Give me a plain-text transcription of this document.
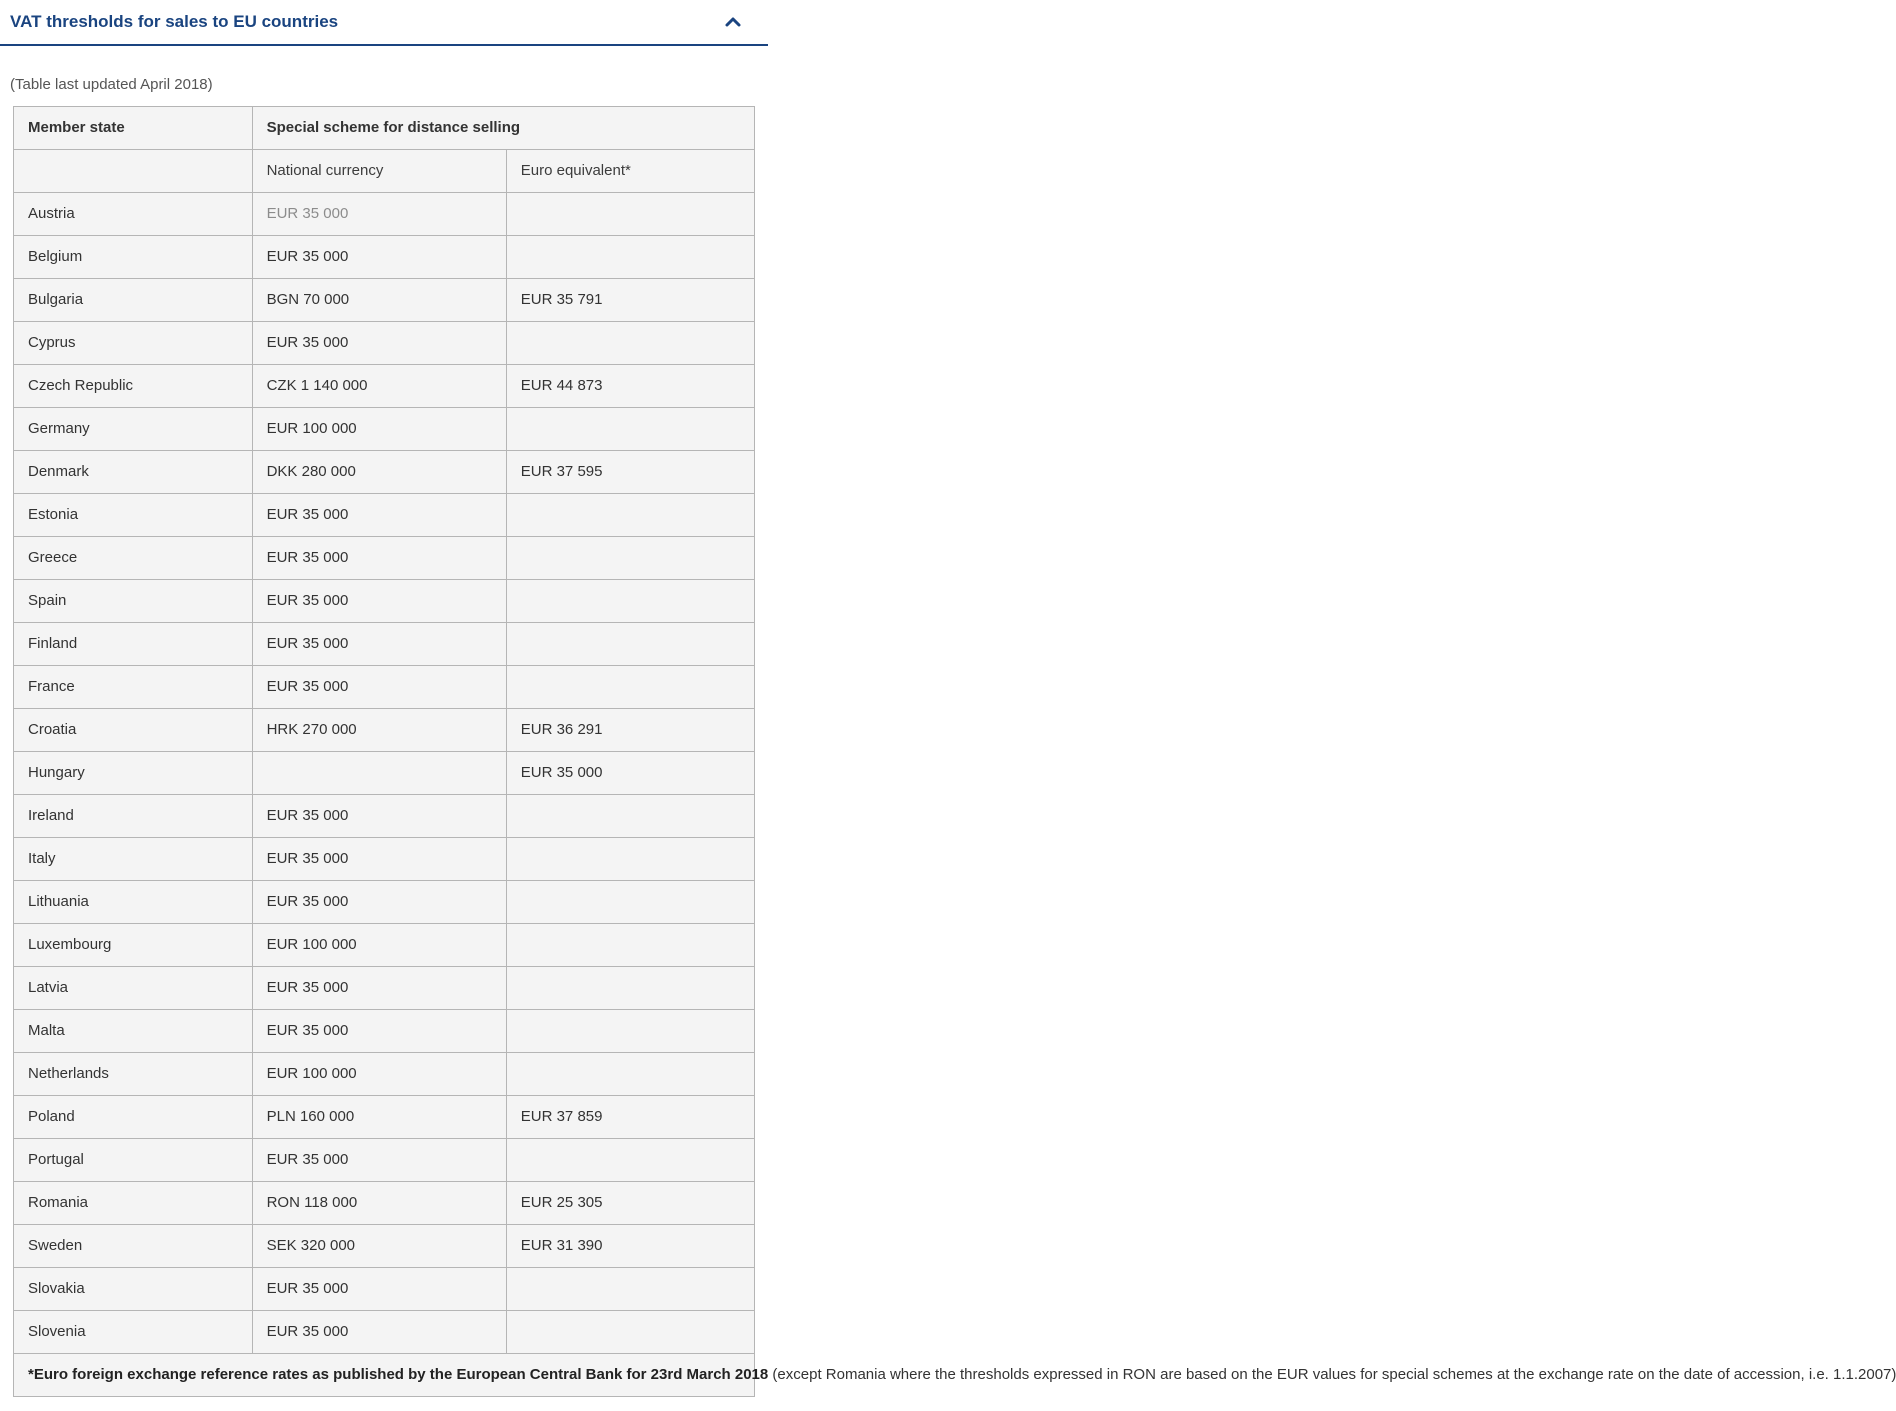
VAT thresholds for sales to EU countries
(Table last updated April 2018)
Member state	Special scheme for distance selling	
	National currency	Euro equivalent*
Austria	EUR 35 000	
Belgium	EUR 35 000	
Bulgaria	BGN 70 000	EUR 35 791
Cyprus	EUR 35 000	
Czech Republic	CZK 1 140 000	EUR 44 873
Germany	EUR 100 000	
Denmark	DKK 280 000	EUR 37 595
Estonia	EUR 35 000	
Greece	EUR 35 000	
Spain	EUR 35 000	
Finland	EUR 35 000	
France	EUR 35 000	
Croatia	HRK 270 000	EUR 36 291
Hungary		EUR 35 000
Ireland	EUR 35 000	
Italy	EUR 35 000	
Lithuania	EUR 35 000	
Luxembourg	EUR 100 000	
Latvia	EUR 35 000	
Malta	EUR 35 000	
Netherlands	EUR 100 000	
Poland	PLN 160 000	EUR 37 859
Portugal	EUR 35 000	
Romania	RON 118 000	EUR 25 305
Sweden	SEK 320 000	EUR 31 390
Slovakia	EUR 35 000	
Slovenia	EUR 35 000	
*Euro foreign exchange reference rates as published by the European Central Bank for 23rd March 2018 (except Romania where the thresholds expressed in RON are based on the EUR values for special schemes at the exchange rate on the date of accession, i.e. 1.1.2007)		
